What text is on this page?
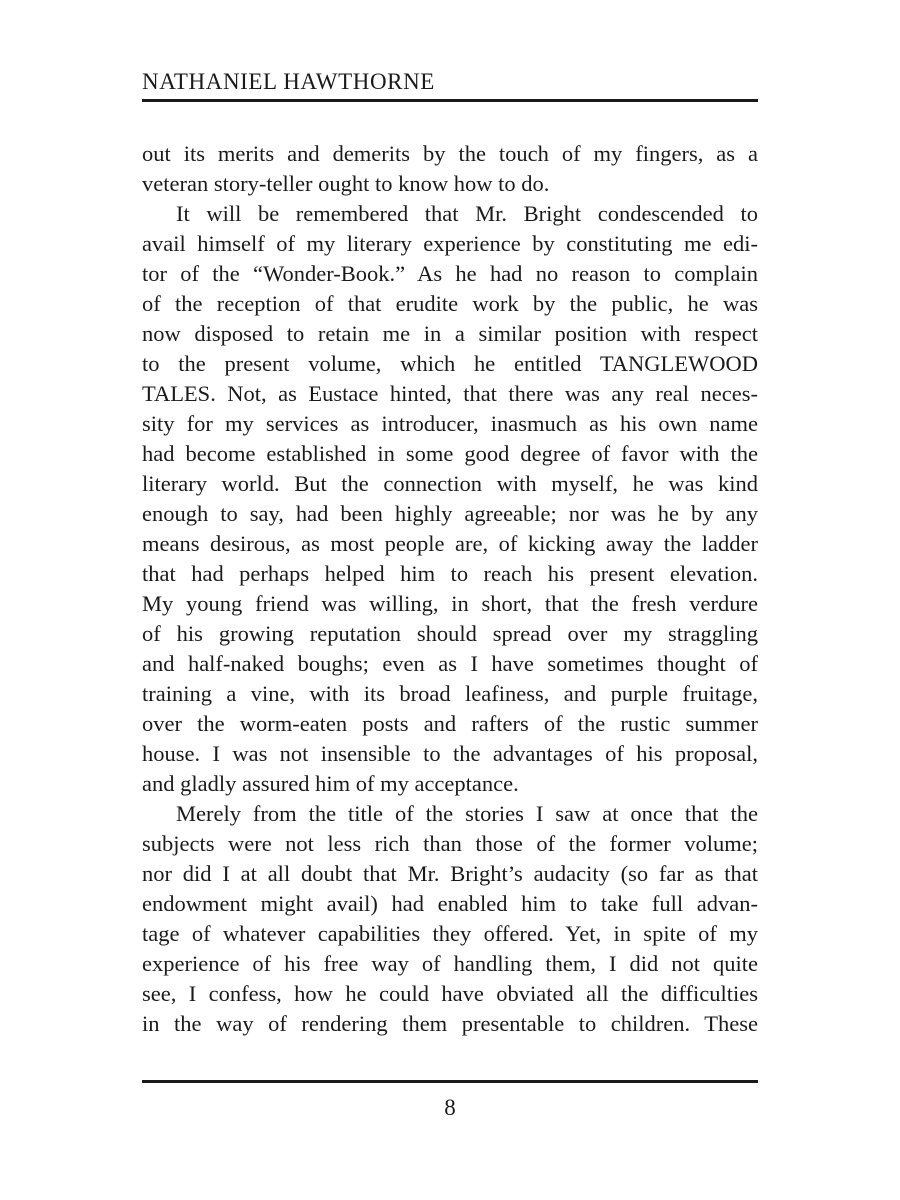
NATHANIEL HAWTHORNE
out its merits and demerits by the touch of my fingers, as a
veteran story-teller ought to know how to do.
It will be remembered that Mr. Bright condescended to
avail himself of my literary experience by constituting me edi-
tor of the “Wonder-Book.” As he had no reason to complain
of the reception of that erudite work by the public, he was
now disposed to retain me in a similar position with respect
to the present volume, which he entitled TANGLEWOOD
TALES. Not, as Eustace hinted, that there was any real neces-
sity for my services as introducer, inasmuch as his own name
had become established in some good degree of favor with the
literary world. But the connection with myself, he was kind
enough to say, had been highly agreeable; nor was he by any
means desirous, as most people are, of kicking away the ladder
that had perhaps helped him to reach his present elevation.
My young friend was willing, in short, that the fresh verdure
of his growing reputation should spread over my straggling
and half-naked boughs; even as I have sometimes thought of
training a vine, with its broad leafiness, and purple fruitage,
over the worm-eaten posts and rafters of the rustic summer
house. I was not insensible to the advantages of his proposal,
and gladly assured him of my acceptance.
Merely from the title of the stories I saw at once that the
subjects were not less rich than those of the former volume;
nor did I at all doubt that Mr. Bright’s audacity (so far as that
endowment might avail) had enabled him to take full advan-
tage of whatever capabilities they offered. Yet, in spite of my
experience of his free way of handling them, I did not quite
see, I confess, how he could have obviated all the difficulties
in the way of rendering them presentable to children. These
8
